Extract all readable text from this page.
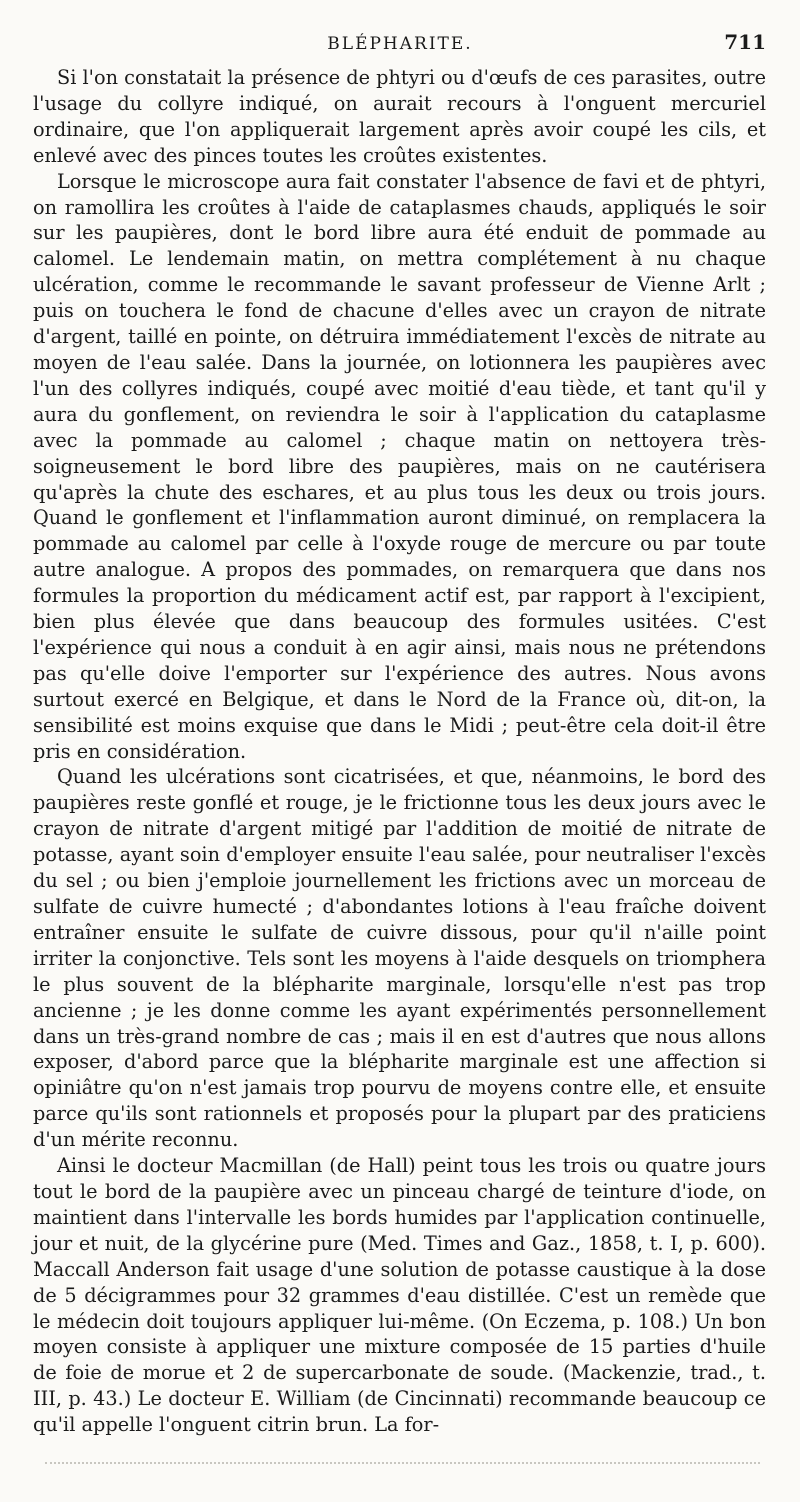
BLÉPHARITE.	711

Si l'on constatait la présence de phtyri ou d'œufs de ces parasites, outre l'usage du collyre indiqué, on aurait recours à l'onguent mercuriel ordinaire, que l'on appliquerait largement après avoir coupé les cils, et enlevé avec des pinces toutes les croûtes existentes.

Lorsque le microscope aura fait constater l'absence de favi et de phtyri, on ramollira les croûtes à l'aide de cataplasmes chauds, appliqués le soir sur les paupières, dont le bord libre aura été enduit de pommade au calomel. Le lendemain matin, on mettra complétement à nu chaque ulcération, comme le recommande le savant professeur de Vienne Arlt ; puis on touchera le fond de chacune d'elles avec un crayon de nitrate d'argent, taillé en pointe, on détruira immédiatement l'excès de nitrate au moyen de l'eau salée. Dans la journée, on lotionnera les paupières avec l'un des collyres indiqués, coupé avec moitié d'eau tiède, et tant qu'il y aura du gonflement, on reviendra le soir à l'application du cataplasme avec la pommade au calomel ; chaque matin on nettoyera très-soigneusement le bord libre des paupières, mais on ne cautérisera qu'après la chute des eschares, et au plus tous les deux ou trois jours. Quand le gonflement et l'inflammation auront diminué, on remplacera la pommade au calomel par celle à l'oxyde rouge de mercure ou par toute autre analogue. A propos des pommades, on remarquera que dans nos formules la proportion du médicament actif est, par rapport à l'excipient, bien plus élevée que dans beaucoup des formules usitées. C'est l'expérience qui nous a conduit à en agir ainsi, mais nous ne prétendons pas qu'elle doive l'emporter sur l'expérience des autres. Nous avons surtout exercé en Belgique, et dans le Nord de la France où, dit-on, la sensibilité est moins exquise que dans le Midi ; peut-être cela doit-il être pris en considération.

Quand les ulcérations sont cicatrisées, et que, néanmoins, le bord des paupières reste gonflé et rouge, je le frictionne tous les deux jours avec le crayon de nitrate d'argent mitigé par l'addition de moitié de nitrate de potasse, ayant soin d'employer ensuite l'eau salée, pour neutraliser l'excès du sel ; ou bien j'emploie journellement les frictions avec un morceau de sulfate de cuivre humecté ; d'abondantes lotions à l'eau fraîche doivent entraîner ensuite le sulfate de cuivre dissous, pour qu'il n'aille point irriter la conjonctive. Tels sont les moyens à l'aide desquels on triomphera le plus souvent de la blépharite marginale, lorsqu'elle n'est pas trop ancienne ; je les donne comme les ayant expérimentés personnellement dans un très-grand nombre de cas ; mais il en est d'autres que nous allons exposer, d'abord parce que la blépharite marginale est une affection si opiniâtre qu'on n'est jamais trop pourvu de moyens contre elle, et ensuite parce qu'ils sont rationnels et proposés pour la plupart par des praticiens d'un mérite reconnu.

Ainsi le docteur Macmillan (de Hall) peint tous les trois ou quatre jours tout le bord de la paupière avec un pinceau chargé de teinture d'iode, on maintient dans l'intervalle les bords humides par l'application continuelle, jour et nuit, de la glycérine pure (Med. Times and Gaz., 1858, t. I, p. 600). Maccall Anderson fait usage d'une solution de potasse caustique à la dose de 5 décigrammes pour 32 grammes d'eau distillée. C'est un remède que le médecin doit toujours appliquer lui-même. (On Eczema, p. 108.) Un bon moyen consiste à appliquer une mixture composée de 15 parties d'huile de foie de morue et 2 de supercarbonate de soude. (Mackenzie, trad., t. III, p. 43.) Le docteur E. William (de Cincinnati) recommande beaucoup ce qu'il appelle l'onguent citrin brun. La for-
